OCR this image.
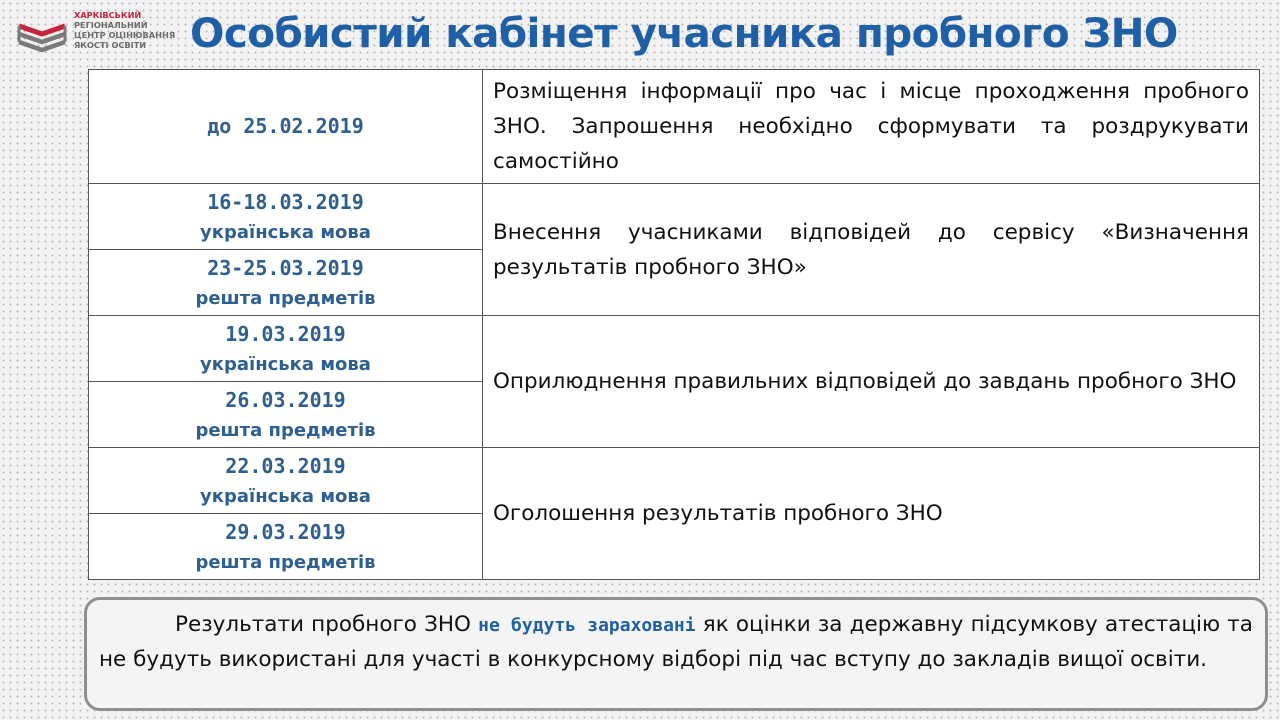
ХАРКІВСЬКИЙ
РЕГІОНАЛЬНИЙ
ЦЕНТР ОЦІНЮВАННЯ
ЯКОСТІ ОСВІТИ	Особистий кабінет учасника пробного ЗНО
до 25.02.2019	Розміщення інформації про час і місце проходження пробного ЗНО. Запрошення необхідно сформувати та роздрукувати самостійно

16-18.03.2019
українська мова	Внесення учасниками відповідей до сервісу «Визначення результатів пробного ЗНО»

23-25.03.2019
решта предметів	

19.03.2019
українська мова	Оприлюднення правильних відповідей до завдань пробного ЗНО

26.03.2019
решта предметів	

22.03.2019
українська мова	Оголошення результатів пробного ЗНО

29.03.2019
решта предметів	
Результати пробного ЗНО не будуть зараховані як оцінки за державну підсумкову атестацію та не будуть використані для участі в конкурсному відборі під час вступу до закладів вищої освіти.
